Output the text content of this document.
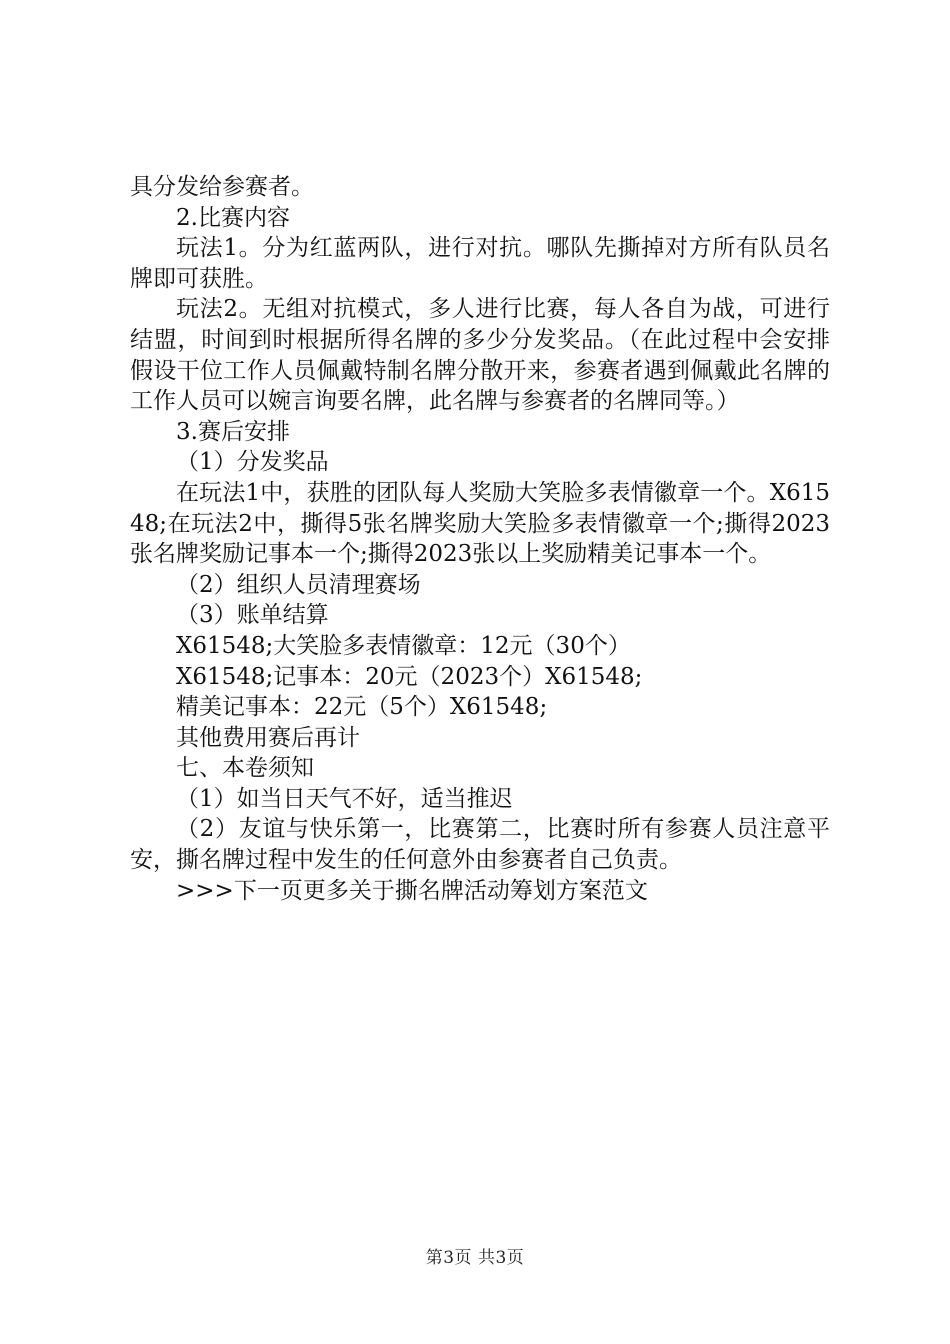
具分发给参赛者。

2.比赛内容

玩法1。分为红蓝两队，进行对抗。哪队先撕掉对方所有队员名牌即可获胜。

玩法2。无组对抗模式，多人进行比赛，每人各自为战，可进行结盟，时间到时根据所得名牌的多少分发奖品。（在此过程中会安排假设干位工作人员佩戴特制名牌分散开来，参赛者遇到佩戴此名牌的工作人员可以婉言询要名牌，此名牌与参赛者的名牌同等。）

3.赛后安排

（1）分发奖品

在玩法1中，获胜的团队每人奖励大笑脸多表情徽章一个。X61548;在玩法2中，撕得5张名牌奖励大笑脸多表情徽章一个;撕得2023张名牌奖励记事本一个;撕得2023张以上奖励精美记事本一个。

（2）组织人员清理赛场

（3）账单结算

X61548;大笑脸多表情徽章：12元（30个）

X61548;记事本：20元（2023个）X61548;

精美记事本：22元（5个）X61548;

其他费用赛后再计

七、本卷须知

（1）如当日天气不好，适当推迟

（2）友谊与快乐第一，比赛第二，比赛时所有参赛人员注意平安，撕名牌过程中发生的任何意外由参赛者自己负责。

>>>下一页更多关于撕名牌活动筹划方案范文

第3页 共3页
